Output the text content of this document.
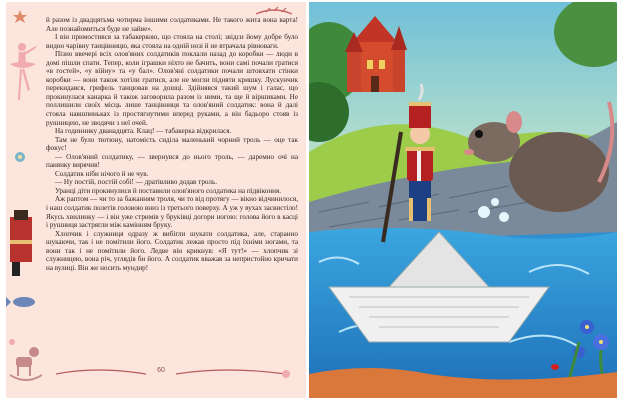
й разом із двадцятьма чотирма іншими солдатиками. Не такого жита вона варта! Але познайомиться буде не зайве».

І він примостився за табакеркою, що стояла на столі; звідси йому добре було видно чарівну танцівницю, яка стояла на одній нозі й не втрачала рівноваги.

Пізно ввечері всіх олов'яних солдатиків поклали назад до коробки — люди в домі пішли спати. Тепер, коли іграшки ніхто не бачить, вони самі почали гратися «в гостей», «у війну» та «у бал». Олов'яні солдатики почали штовхати стінки коробки — вони також хотіли гратися, але не могли підняти кришку. Лускунчик перекидався, грифель танцював на дошці. Здійнявся такий шум і галас, що прокинулася канарка й також заговорила разом із ними, та ще й віршиками. Не поллишили своїх місць лише танцівниця та олов'яний солдатик: вона й далі стояла навшпиньках із простягнутими вперед руками, а він бадьоро стояв із рушницею, не зводячи з неї очей.

На годиннику дванадцята. Клац! — табакерка відкрилася.

Там не було тютюну, натомість сиділа маленький чорний троль — оце так фокус!

— Олов'яний солдатику, — звернувся до нього троль, — даремно очі на панянку вирячив!

Солдатик ніби нічого й не чув.

— Ну постій, постій собі! — дратівливо додав троль.

Уранці діти прокинулися й поставили олов'яного солдатика на підвіконня.

Аж раптом — чи то за бажанням троля, чи то від протягу — вікно відчинилося, і наш солдатик полетів головою вниз із третього поверху. А уж у вухах засвистіло! Якусь хвилинку — і він уже стримів у бруківці догори ногою: голова його в касці і рушниця застрягли між камінням бруку.

Хлопчик і служниця одразу ж вибігли шукати солдатика, але, старанно шукаючи, так і не помітили його. Солдатик лежав просто під їхніми ногами, та вони так і не помітили його. Ледве він крикнув: «Я тут!» — хлопчик зі служницею, вона річ, углядів би його. А солдатик вважав за непристойно кричати на вулиці. Він же носить мундир!

60
